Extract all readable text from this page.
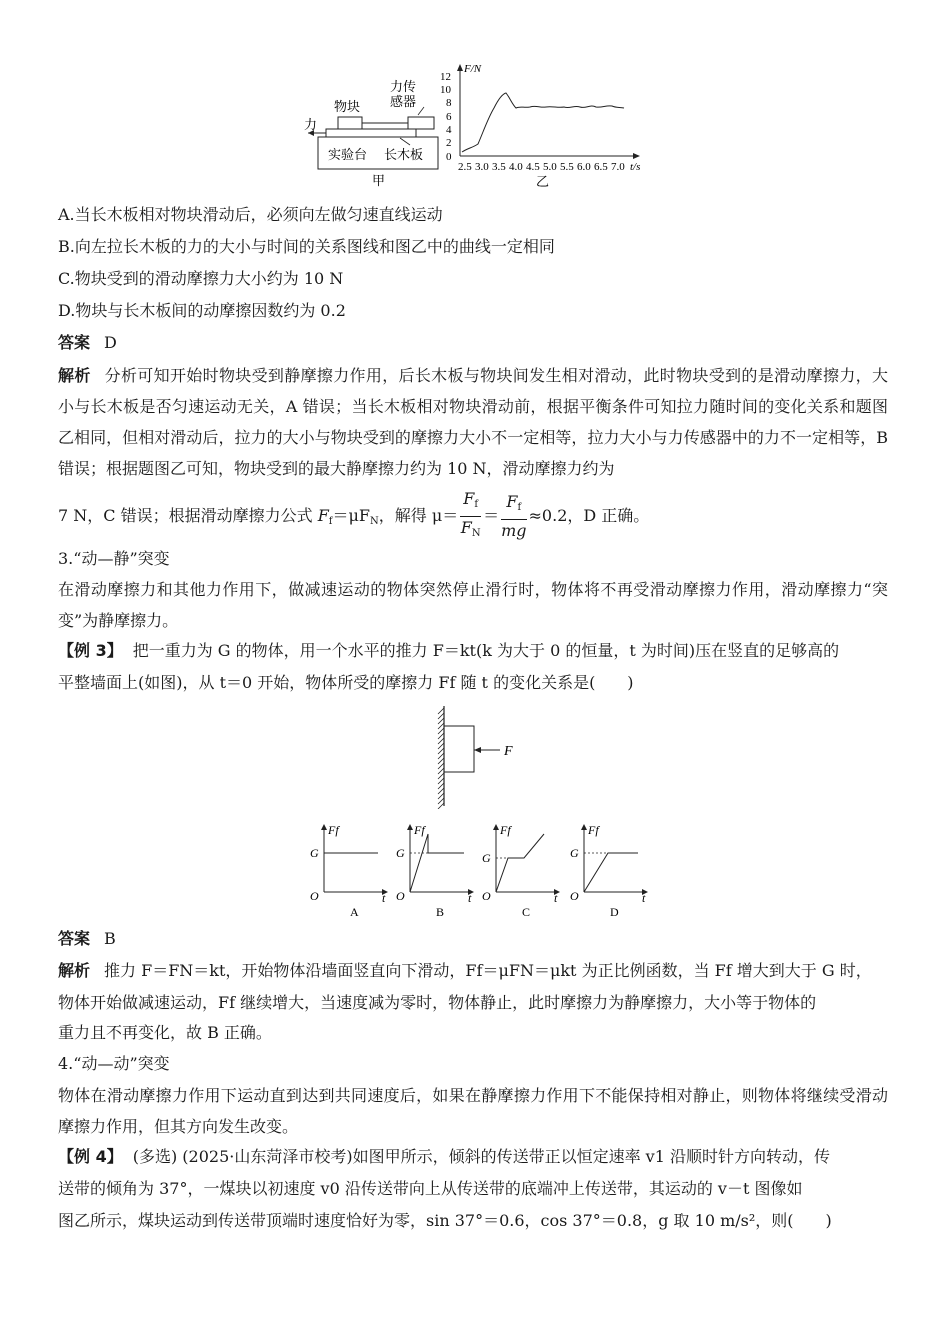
力
物块
力传
感器
实验台 长木板
甲
F/N
t/s
0
2
4
6
8
10
12
2.5 3.0 3.5 4.0 4.5 5.0 5.5 6.0 6.5 7.0
乙
A.当长木板相对物块滑动后，必须向左做匀速直线运动
B.向左拉长木板的力的大小与时间的关系图线和图乙中的曲线一定相同
C.物块受到的滑动摩擦力大小约为 10 N
D.物块与长木板间的动摩擦因数约为 0.2
答案 D
解析 分析可知开始时物块受到静摩擦力作用，后长木板与物块间发生相对滑动，此时物块受到的是滑动摩擦力，大小与长木板是否匀速运动无关，A 错误；当长木板相对物块滑动前，根据平衡条件可知拉力随时间的变化关系和题图乙相同，但相对滑动后，拉力的大小与物块受到的摩擦力大小不一定相等，拉力大小与力传感器中的力不一定相等，B 错误；根据题图乙可知，物块受到的最大静摩擦力约为 10 N，滑动摩擦力约为
7 N，C 错误；根据滑动摩擦力公式 $F_f=\mu F_N$，解得 $\mu= \frac{F_f}{F_N} = \frac{F_f}{mg} \approx 0.2$，D 正确。
3.“动—静”突变
在滑动摩擦力和其他力作用下，做减速运动的物体突然停止滑行时，物体将不再受滑动摩擦力作用，滑动摩擦力“突变”为静摩擦力。
【例 3】 把一重力为 G 的物体，用一个水平的推力 F＝kt(k 为大于 0 的恒量，t 为时间)压在竖直的足够高的
平整墙面上(如图)，从 t＝0 开始，物体所受的摩擦力 Ff 随 t 的变化关系是(　　)
F
Ff
G
O	t
A
Ff
G
O	t
B
Ff
G
O	t
C
Ff
G
O	t
D
答案 B
解析 推力 F＝FN＝kt，开始物体沿墙面竖直向下滑动，Ff＝μFN＝μkt 为正比例函数，当 Ff 增大到大于 G 时，
物体开始做减速运动，Ff 继续增大，当速度减为零时，物体静止，此时摩擦力为静摩擦力，大小等于物体的
重力且不再变化，故 B 正确。
4.“动—动”突变
物体在滑动摩擦力作用下运动直到达到共同速度后，如果在静摩擦力作用下不能保持相对静止，则物体将继续受滑动摩擦力作用，但其方向发生改变。
【例 4】 (多选) (2025·山东菏泽市校考)如图甲所示，倾斜的传送带正以恒定速率 v1 沿顺时针方向转动，传
送带的倾角为 37°，一煤块以初速度 v0 沿传送带向上从传送带的底端冲上传送带，其运动的 v－t 图像如
图乙所示，煤块运动到传送带顶端时速度恰好为零，sin 37°＝0.6，cos 37°＝0.8，g 取 10 m/s²，则(　　)
